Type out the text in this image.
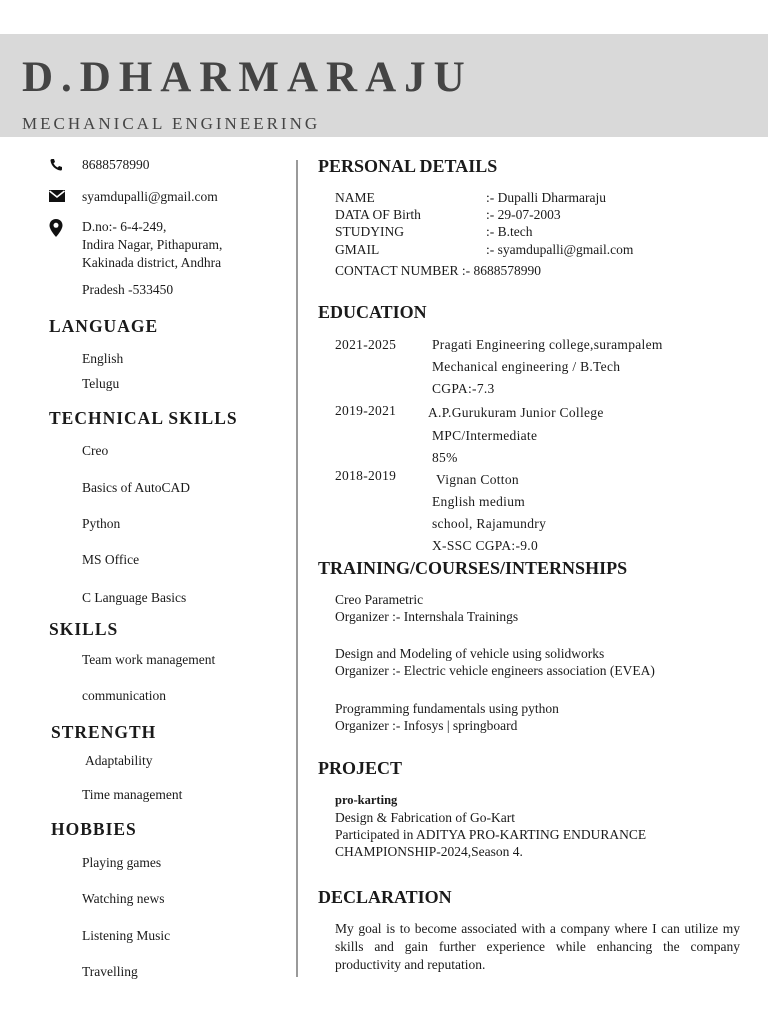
D.DHARMARAJU
MECHANICAL ENGINEERING
8688578990
syamdupalli@gmail.com
D.no:- 6-4-249,
Indira Nagar, Pithapuram,
Kakinada district, Andhra
Pradesh -533450
LANGUAGE
English
Telugu
TECHNICAL SKILLS
Creo
Basics of AutoCAD
Python
MS Office
C Language Basics
SKILLS
Team work management
communication
STRENGTH
Adaptability
Time management
HOBBIES
Playing games
Watching news
Listening Music
Travelling
PERSONAL DETAILS
NAME	:- Dupalli Dharmaraju
DATA OF Birth	:- 29-07-2003
STUDYING	:- B.tech
GMAIL	:- syamdupalli@gmail.com
CONTACT NUMBER :- 8688578990
EDUCATION
2021-2025	Pragati Engineering college,surampalem
Mechanical engineering / B.Tech
CGPA:-7.3
2019-2021 A.P.Gurukuram Junior College
MPC/Intermediate
85%
2018-2019	Vignan Cotton
English medium
school, Rajamundry
X-SSC CGPA:-9.0
TRAINING/COURSES/INTERNSHIPS
Creo Parametric
Organizer :- Internshala Trainings
Design and Modeling of vehicle using solidworks
Organizer :- Electric vehicle engineers association (EVEA)
Programming fundamentals using python
Organizer :- Infosys | springboard
PROJECT
pro-karting
Design & Fabrication of Go-Kart
Participated in ADITYA PRO-KARTING ENDURANCE
CHAMPIONSHIP-2024,Season 4.
DECLARATION
My goal is to become associated with a company where I can utilize my skills and gain further experience while enhancing the company productivity and reputation.
